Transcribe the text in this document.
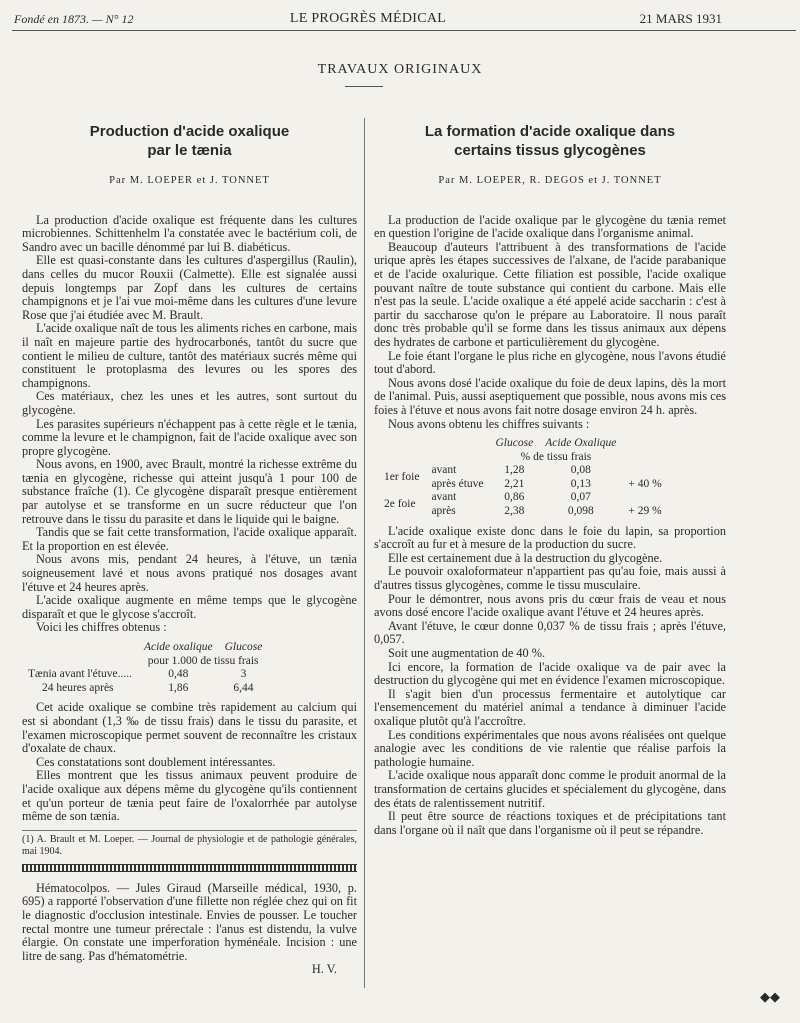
Fondé en 1873. — N° 12	LE PROGRÈS MÉDICAL	21 MARS 1931
TRAVAUX ORIGINAUX
Production d'acide oxalique
par le tænia
Par M. LOEPER et J. TONNET

La production d'acide oxalique est fréquente dans les cultures microbiennes. Schittenhelm l'a constatée avec le bactérium coli, de Sandro avec un bacille dénommé par lui B. diabéticus.

Elle est quasi-constante dans les cultures d'aspergillus (Raulin), dans celles du mucor Rouxii (Calmette). Elle est signalée aussi depuis longtemps par Zopf dans les cultures de certains champignons et je l'ai vue moi-même dans les cultures d'une levure Rose que j'ai étudiée avec M. Brault.

L'acide oxalique naît de tous les aliments riches en carbone, mais il naît en majeure partie des hydrocarbonés, tantôt du sucre que contient le milieu de culture, tantôt des matériaux sucrés même qui constituent le protoplasma des levures ou les spores des champignons.

Ces matériaux, chez les unes et les autres, sont surtout du glycogène.

Les parasites supérieurs n'échappent pas à cette règle et le tænia, comme la levure et le champignon, fait de l'acide oxalique avec son propre glycogène.

Nous avons, en 1900, avec Brault, montré la richesse extrême du tænia en glycogène, richesse qui atteint jusqu'à 1 pour 100 de substance fraîche (1). Ce glycogène disparaît presque entièrement par autolyse et se transforme en un sucre réducteur que l'on retrouve dans le tissu du parasite et dans le liquide qui le baigne.

Tandis que se fait cette transformation, l'acide oxalique apparaît. Et la proportion en est élevée.

Nous avons mis, pendant 24 heures, à l'étuve, un tænia soigneusement lavé et nous avons pratiqué nos dosages avant l'étuve et 24 heures après.

L'acide oxalique augmente en même temps que le glycogène disparaît et que le glycose s'accroît.

Voici les chiffres obtenus :

	Acide oxalique	Glucose
	pour 1.000 de tissu frais	
Tænia avant l'étuve.....	0,48	3
24 heures après	1,86	6,44

Cet acide oxalique se combine très rapidement au calcium qui est si abondant (1,3 ‰ de tissu frais) dans le tissu du parasite, et l'examen microscopique permet souvent de reconnaître les cristaux d'oxalate de chaux.

Ces constatations sont doublement intéressantes.

Elles montrent que les tissus animaux peuvent produire de l'acide oxalique aux dépens même du glycogène qu'ils contiennent et qu'un porteur de tænia peut faire de l'oxalorrhée par autolyse même de son tænia.

(1) A. Brault et M. Loeper. — Journal de physiologie et de pathologie générales, mai 1904.

Hématocolpos. — Jules Giraud (Marseille médical, 1930, p. 695) a rapporté l'observation d'une fillette non réglée chez qui on fit le diagnostic d'occlusion intestinale. Envies de pousser. Le toucher rectal montre une tumeur prérectale : l'anus est distendu, la vulve élargie. On constate une imperforation hyménéale. Incision : une litre de sang. Pas d'hématométrie.

H. V.
La formation d'acide oxalique dans
certains tissus glycogènes
Par M. LOEPER, R. DEGOS et J. TONNET

La production de l'acide oxalique par le glycogène du tænia remet en question l'origine de l'acide oxalique dans l'organisme animal.

Beaucoup d'auteurs l'attribuent à des transformations de l'acide urique après les étapes successives de l'alxane, de l'acide parabanique et de l'acide oxalurique. Cette filiation est possible, l'acide oxalique pouvant naître de toute substance qui contient du carbone. Mais elle n'est pas la seule. L'acide oxalique a été appelé acide saccharin : c'est à partir du saccharose qu'on le prépare au Laboratoire. Il nous paraît donc très probable qu'il se forme dans les tissus animaux aux dépens des hydrates de carbone et particulièrement du glycogène.

Le foie étant l'organe le plus riche en glycogène, nous l'avons étudié tout d'abord.

Nous avons dosé l'acide oxalique du foie de deux lapins, dès la mort de l'animal. Puis, aussi aseptiquement que possible, nous avons mis ces foies à l'étuve et nous avons fait notre dosage environ 24 h. après.

Nous avons obtenu les chiffres suivants :

		Glucose	Acide Oxalique	
		% de tissu frais		
1er foie	avant	1,28	0,08	
	après étuve	2,21	0,13	+ 40 %
2e foie	avant	0,86	0,07	
	après	2,38	0,098	+ 29 %

L'acide oxalique existe donc dans le foie du lapin, sa proportion s'accroît au fur et à mesure de la production du sucre.

Elle est certainement due à la destruction du glycogène.

Le pouvoir oxaloformateur n'appartient pas qu'au foie, mais aussi à d'autres tissus glycogènes, comme le tissu musculaire.

Pour le démontrer, nous avons pris du cœur frais de veau et nous avons dosé encore l'acide oxalique avant l'étuve et 24 heures après.

Avant l'étuve, le cœur donne 0,037 % de tissu frais ; après l'étuve, 0,057.

Soit une augmentation de 40 %.

Ici encore, la formation de l'acide oxalique va de pair avec la destruction du glycogène qui met en évidence l'examen microscopique.

Il s'agit bien d'un processus fermentaire et autolytique car l'ensemencement du matériel animal a tendance à diminuer l'acide oxalique plutôt qu'à l'accroître.

Les conditions expérimentales que nous avons réalisées ont quelque analogie avec les conditions de vie ralentie que réalise parfois la pathologie humaine.

L'acide oxalique nous apparaît donc comme le produit anormal de la transformation de certains glucides et spécialement du glycogène, dans des états de ralentissement nutritif.

Il peut être source de réactions toxiques et de précipitations tant dans l'organe où il naît que dans l'organisme où il peut se répandre.

◆◆
